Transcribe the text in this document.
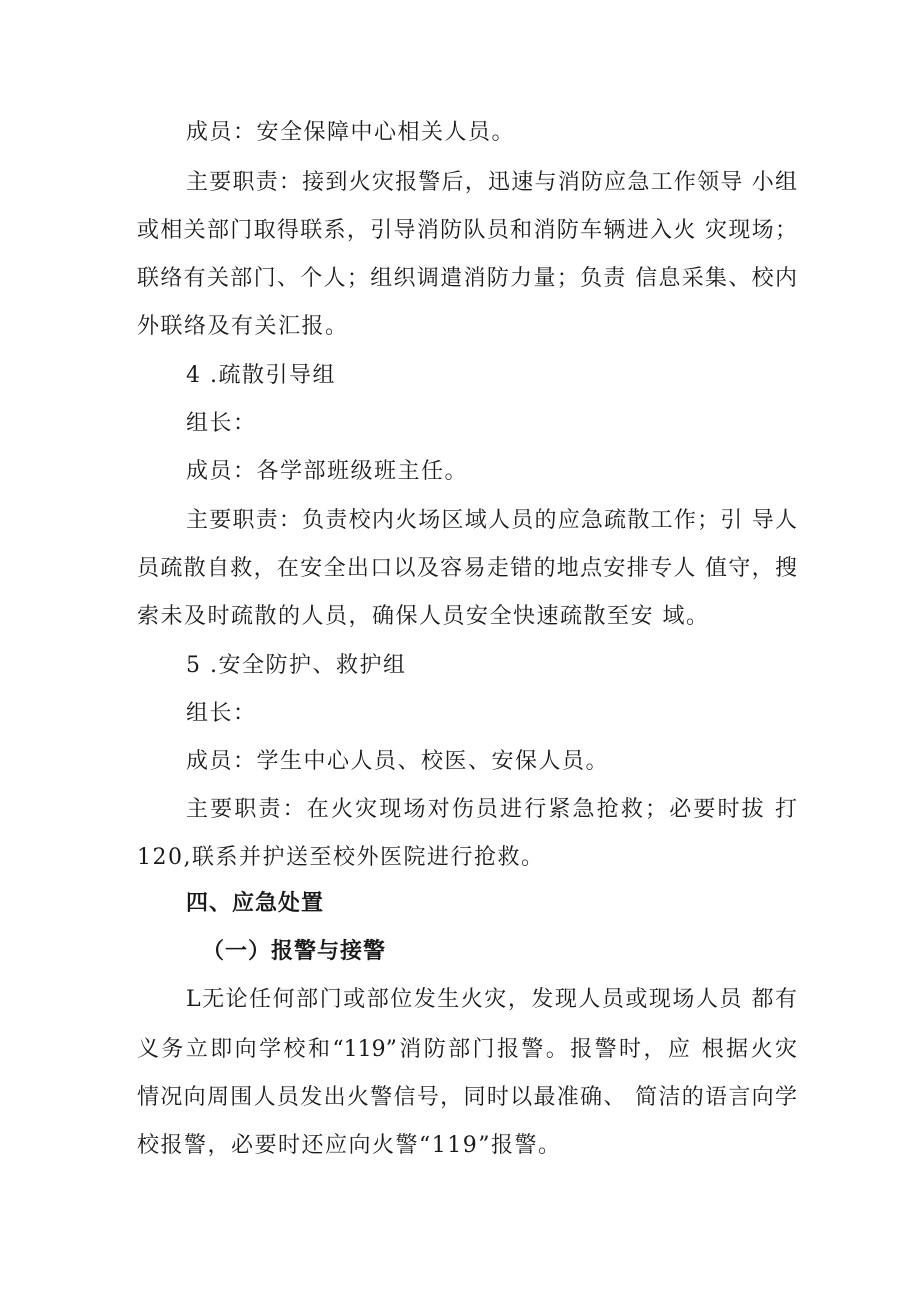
成员：安全保障中心相关人员。
主要职责：接到火灾报警后，迅速与消防应急工作领导 小组
或相关部门取得联系，引导消防队员和消防车辆进入火 灾现场；
联络有关部门、个人；组织调遣消防力量；负责 信息采集、校内
外联络及有关汇报。
4 .疏散引导组
组长：
成员：各学部班级班主任。
主要职责：负责校内火场区域人员的应急疏散工作；引 导人
员疏散自救，在安全出口以及容易走错的地点安排专人 值守，搜
索未及时疏散的人员，确保人员安全快速疏散至安 域。
5 .安全防护、救护组
组长：
成员：学生中心人员、校医、安保人员。
主要职责：在火灾现场对伤员进行紧急抢救；必要时拔 打
120,联系并护送至校外医院进行抢救。
四、应急处置
（一）报警与接警
L无论任何部门或部位发生火灾，发现人员或现场人员 都有
义务立即向学校和“119”消防部门报警。报警时，应 根据火灾
情况向周围人员发出火警信号，同时以最准确、 简洁的语言向学
校报警，必要时还应向火警“119”报警。
